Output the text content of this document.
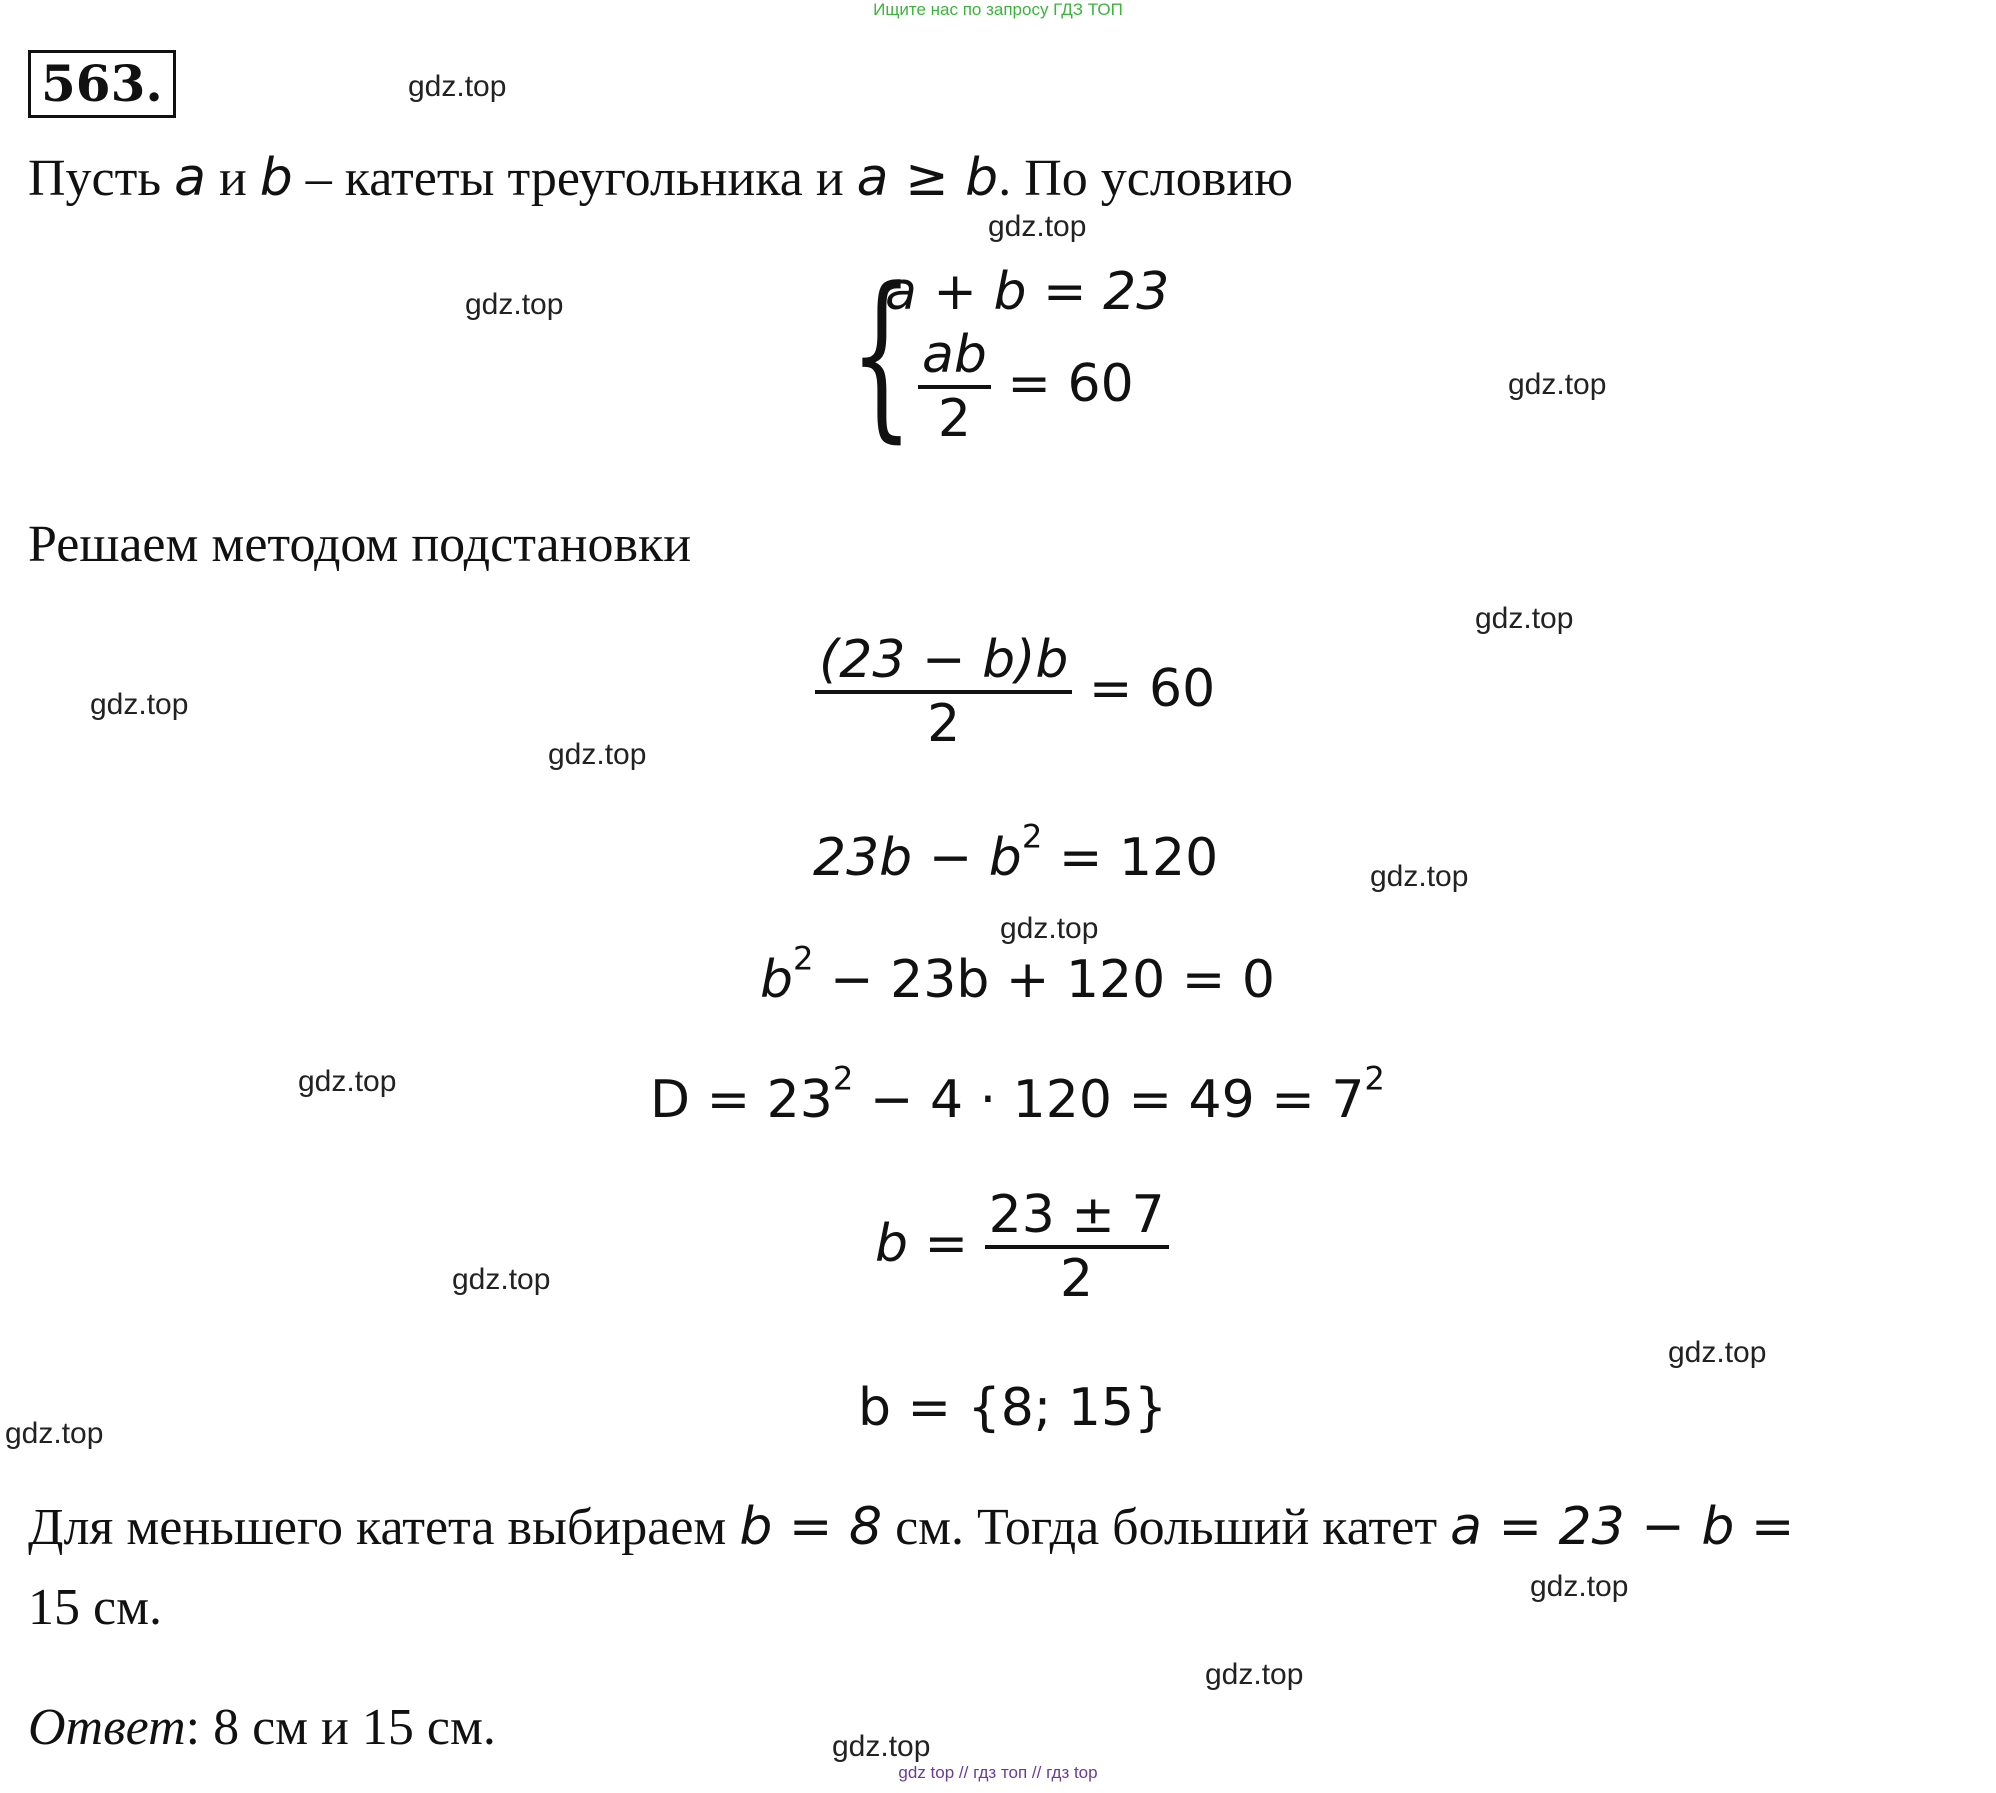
Ищите нас по запросу ГДЗ ТОП
563.
Пусть a и b – катеты треугольника и a ≥ b. По условию
{
a + b = 23
$\frac{ab}{2} = 60$
Решаем методом подстановки
$\frac{(23 - b)b}{2} = 60$
$23b - b^2 = 120$
$b^2 - 23b + 120 = 0$
$D = 23^2 - 4 \cdot 120 = 49 = 7^2$
$b = \frac{23 \pm 7}{2}$
b = {8; 15}
Для меньшего катета выбираем b = 8 см. Тогда больший катет a = 23 − b =
15 см.
Ответ: 8 см и 15 см.
gdz.top
gdz.top
gdz.top
gdz.top
gdz.top
gdz.top
gdz.top
gdz.top
gdz.top
gdz.top
gdz.top
gdz.top
gdz.top
gdz.top
gdz.top
gdz.top
gdz top // гдз топ // гдз top
